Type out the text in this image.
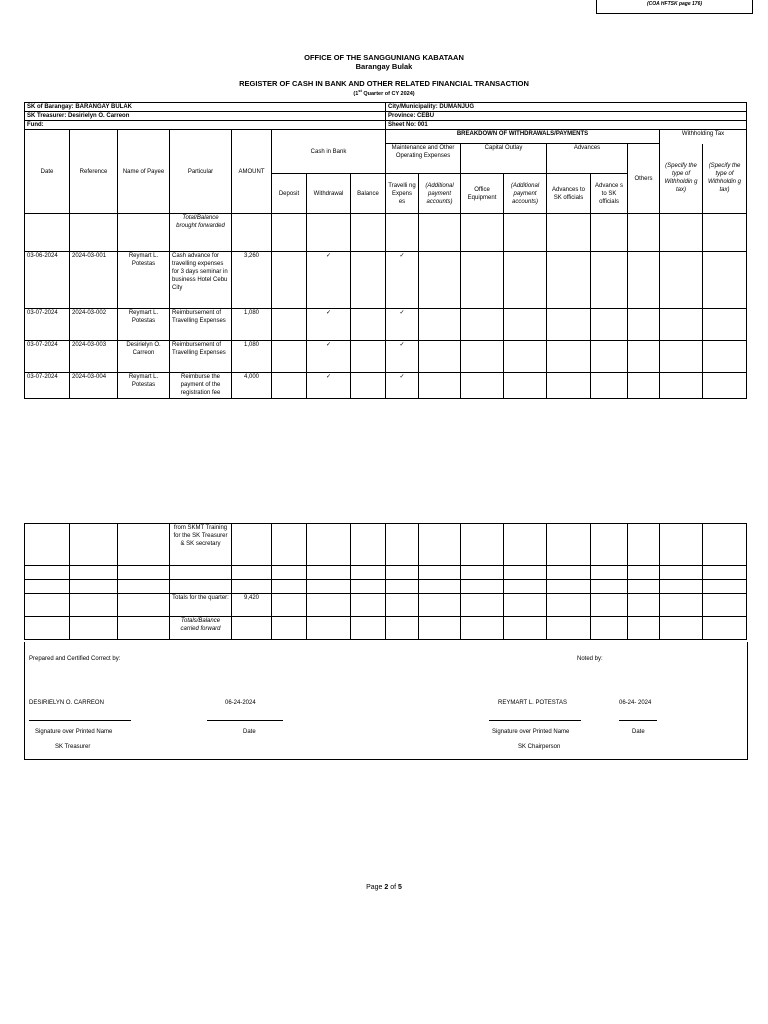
(COA HFTSK page 176)
OFFICE OF THE SANGGUNIANG KABATAAN
Barangay Bulak
REGISTER OF CASH IN BANK AND OTHER RELATED FINANCIAL TRANSACTION
(1st Quarter of CY 2024)
SK of Barangay: BARANGAY BULAK								City/Municipality: DUMANJUG								
SK Treasurer: Desirielyn O. Carreon								Province: CEBU								
Fund:								Sheet No: 001								
Date	Reference	Name of Payee	Particular	AMOUNT	Cash in Bank			BREAKDOWN OF WITHDRAWALS/PAYMENTS							Withholding Tax	
								Maintenance and Other Operating Expenses		Capital Outlay		Advances		Others	(Specify the type of Withholdin g tax)	(Specify the type of Withholdin g tax)
					Deposit	Withdrawal	Balance	Travelli ng Expens es	(Additional payment accounts)	Office Equipment	(Additional payment accounts)	Advances to SK officials	Advance s to SK officials			
			Total/Balance brought forwarded													
03-06-2024	2024-03-001	Reymart L. Potestas	Cash advance for travelling expenses for 3 days seminar in business Hotel Cebu City	3,260		✓		✓								
03-07-2024	2024-03-002	Reymart L. Potestas	Reimbursement of Travelling Expenses	1,080		✓		✓								
03-07-2024	2024-03-003	Desirielyn O. Carreon	Reimbursement of Travelling Expenses	1,080		✓		✓								
03-07-2024	2024-03-004	Reymart L. Potestas	Reimburse the payment of the registration fee	4,000		✓		✓								
			from SKMT Training for the SK Treasurer & SK secretary													

			Totals for the quarter:	9,420												
			Totals/Balance carried forward													
Prepared and Certified Correct by:	Noted by:
DESIRIELYN O. CARREON	06-24-2024	REYMART L. POTESTAS	06-24- 2024
Signature over Printed Name	Date	Signature over Printed Name	Date
SK Treasurer	SK Chairperson
Page 2 of 5
